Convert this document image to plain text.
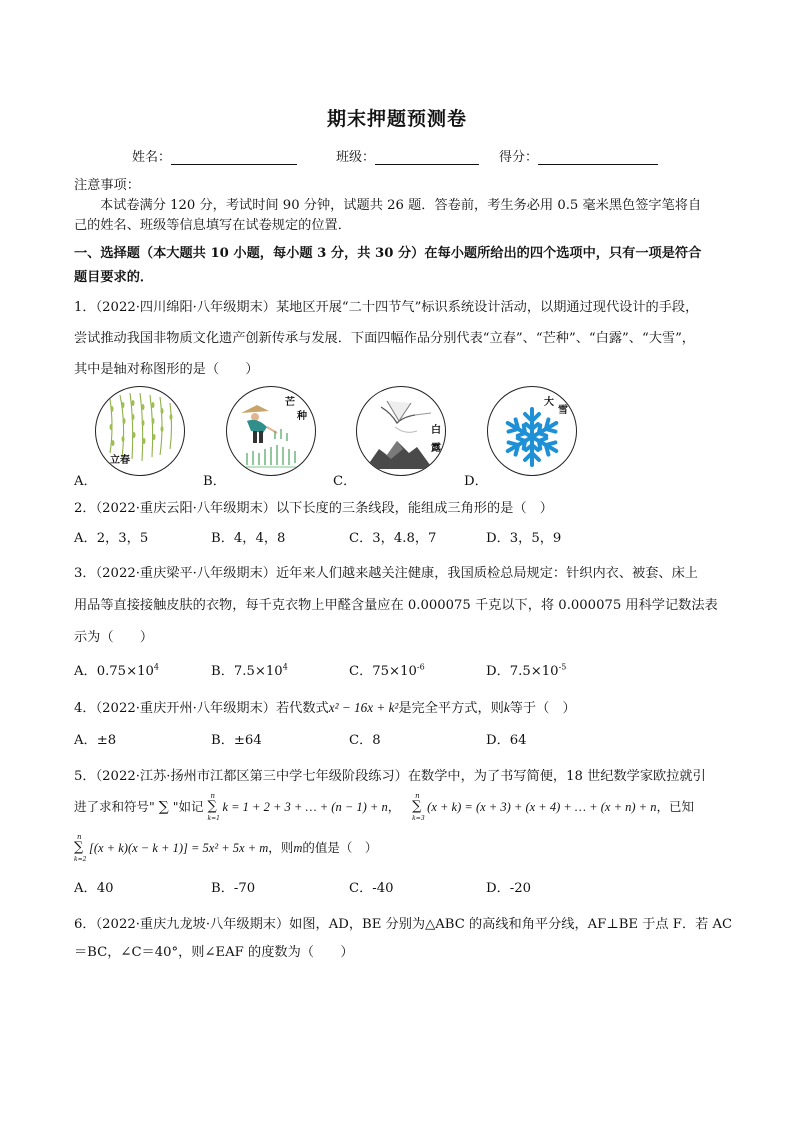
期末押题预测卷
姓名：	班级：	得分：

注意事项：

本试卷满分 120 分，考试时间 90 分钟，试题共 26 题．答卷前，考生务必用 0.5 毫米黑色签字笔将自

己的姓名、班级等信息填写在试卷规定的位置．

一、选择题（本大题共 10 小题，每小题 3 分，共 30 分）在每小题所给出的四个选项中，只有一项是符合

题目要求的．

1．（2022·四川绵阳·八年级期末）某地区开展“二十四节气”标识系统设计活动，以期通过现代设计的手段，

尝试推动我国非物质文化遗产创新传承与发展．下面四幅作品分别代表“立春”、“芒种”、“白露”、“大雪”，

其中是轴对称图形的是（　　）

A．
立春
B．
芒
种
C．
白
露
D．
大
雪
2．（2022·重庆云阳·八年级期末）以下长度的三条线段，能组成三角形的是（　）
A．2，3，5	B．4，4，8	C．3，4.8，7	D．3，5，9

3．（2022·重庆梁平·八年级期末）近年来人们越来越关注健康，我国质检总局规定：针织内衣、被套、床上

用品等直接接触皮肤的衣物，每千克衣物上甲醛含量应在 0.000075 千克以下，将 0.000075 用科学记数法表

示为（　　）

A．$0.75\times 10^4$	B．$7.5\times 10^4$	C．$75\times 10^{-6}$	D．$7.5\times 10^{-5}$
4．（2022·重庆开州·八年级期末）若代数式x² − 16x + k²是完全平方式，则k等于（　）
A．±8	B．±64	C．8	D．64
5．（2022·江苏·扬州市江都区第三中学七年级阶段练习）在数学中，为了书写简便，18 世纪数学家欧拉就引
进了求和符号" ∑ "如记
n
∑
k=1
k = 1 + 2 + 3 + … + (n − 1) + n，
n
∑
k=3
(x + k) = (x + 3) + (x + 4) + … + (x + n) + n，已知
n
∑
k=2
[(x + k)(x − k + 1)] = 5x² + 5x + m，则m的值是（　）
A．40	B．-70	C．-40	D．-20

6．（2022·重庆九龙坡·八年级期末）如图，AD，BE 分别为△ABC 的高线和角平分线，AF⊥BE 于点 F．若 AC

＝BC，∠C＝40°，则∠EAF 的度数为（　　）
